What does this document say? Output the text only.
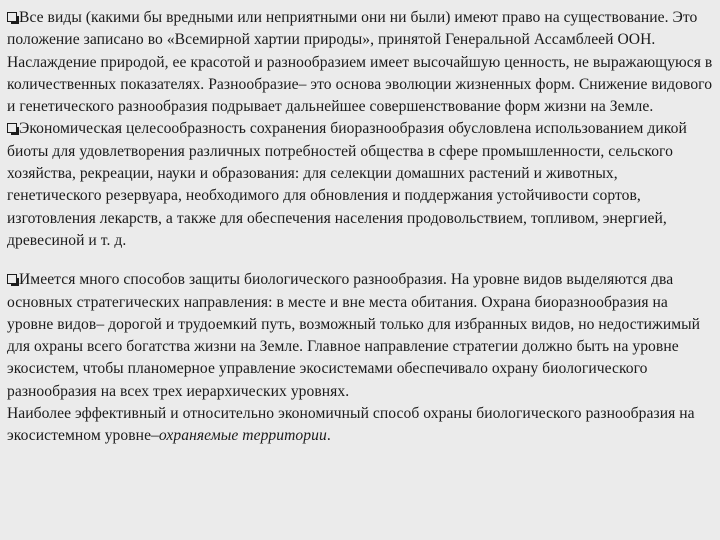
Все виды (какими бы вредными или неприятными они ни были) имеют право на существование. Это положение записано во «Всемирной хартии природы», принятой Генеральной Ассамблеей ООН. Наслаждение природой, ее красотой и разнообразием имеет высочайшую ценность, не выражающуюся в количественных показателях. Разнообразие– это основа эволюции жизненных форм. Снижение видового и генетического разнообразия подрывает дальнейшее совершенствование форм жизни на Земле.

Экономическая целесообразность сохранения биоразнообразия обусловлена использованием дикой биоты для удовлетворения различных потребностей общества в сфере промышленности, сельского хозяйства, рекреации, науки и образования: для селекции домашних растений и животных, генетического резервуара, необходимого для обновления и поддержания устойчивости сортов, изготовления лекарств, а также для обеспечения населения продовольствием, топливом, энергией, древесиной и т. д.

Имеется много способов защиты биологического разнообразия. На уровне видов выделяются два основных стратегических направления: в месте и вне места обитания. Охрана биоразнообразия на уровне видов– дорогой и трудоемкий путь, возможный только для избранных видов, но недостижимый для охраны всего богатства жизни на Земле. Главное направление стратегии должно быть на уровне экосистем, чтобы планомерное управление экосистемами обеспечивало охрану биологического разнообразия на всех трех иерархических уровнях.
Наиболее эффективный и относительно экономичный способ охраны биологического разнообразия на экосистемном уровне–охраняемые территории.
